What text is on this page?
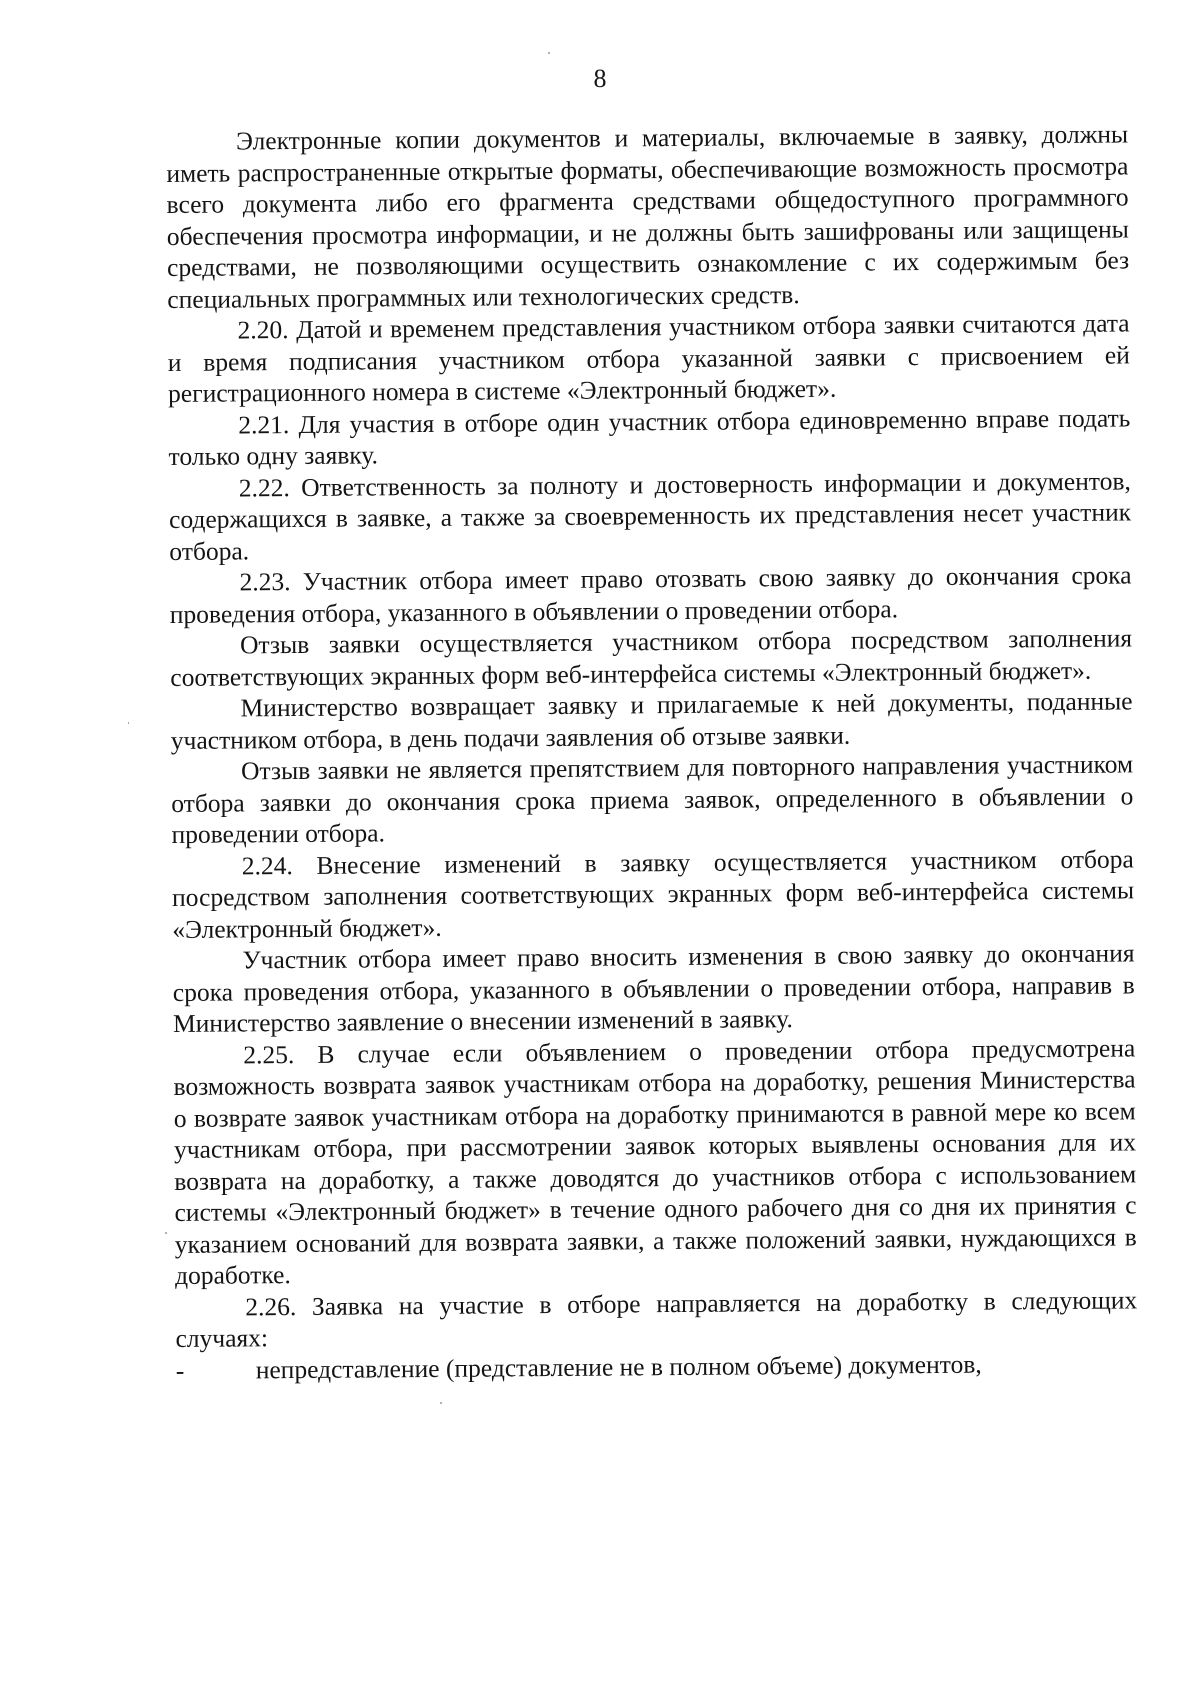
8

Электронные копии документов и материалы, включаемые в заявку, должны иметь распространенные открытые форматы, обеспечивающие возможность просмотра всего документа либо его фрагмента средствами общедоступного программного обеспечения просмотра информации, и не должны быть зашифрованы или защищены средствами, не позволяющими осуществить ознакомление с их содержимым без специальных программных или технологических средств.

2.20. Датой и временем представления участником отбора заявки считаются дата и время подписания участником отбора указанной заявки с присвоением ей регистрационного номера в системе «Электронный бюджет».

2.21. Для участия в отборе один участник отбора единовременно вправе подать только одну заявку.

2.22. Ответственность за полноту и достоверность информации и документов, содержащихся в заявке, а также за своевременность их представления несет участник отбора.

2.23. Участник отбора имеет право отозвать свою заявку до окончания срока проведения отбора, указанного в объявлении о проведении отбора.

Отзыв заявки осуществляется участником отбора посредством заполнения соответствующих экранных форм веб-интерфейса системы «Электронный бюджет».

Министерство возвращает заявку и прилагаемые к ней документы, поданные участником отбора, в день подачи заявления об отзыве заявки.

Отзыв заявки не является препятствием для повторного направления участником отбора заявки до окончания срока приема заявок, определенного в объявлении о проведении отбора.

2.24. Внесение изменений в заявку осуществляется участником отбора посредством заполнения соответствующих экранных форм веб-интерфейса системы «Электронный бюджет».

Участник отбора имеет право вносить изменения в свою заявку до окончания срока проведения отбора, указанного в объявлении о проведении отбора, направив в Министерство заявление о внесении изменений в заявку.

2.25. В случае если объявлением о проведении отбора предусмотрена возможность возврата заявок участникам отбора на доработку, решения Министерства о возврате заявок участникам отбора на доработку принимаются в равной мере ко всем участникам отбора, при рассмотрении заявок которых выявлены основания для их возврата на доработку, а также доводятся до участников отбора с использованием системы «Электронный бюджет» в течение одного рабочего дня со дня их принятия с указанием оснований для возврата заявки, а также положений заявки, нуждающихся в доработке.

2.26. Заявка на участие в отборе направляется на доработку в следующих случаях:

-	непредставление (представление не в полном объеме) документов,
